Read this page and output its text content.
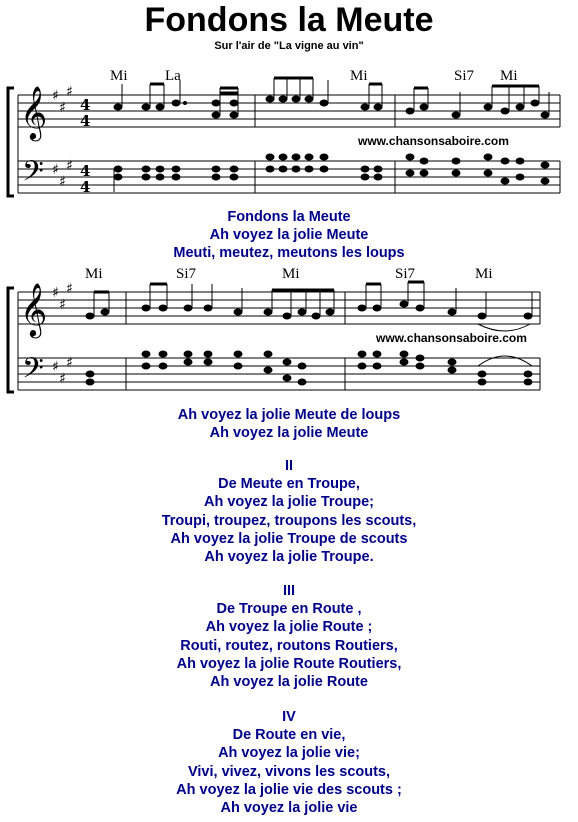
Fondons la Meute
Sur l'air de "La vigne au vin"
Mi La	Mi	Si7 Mi
𝄞
𝄢
♯
♯
♯
♯
♯
♯
4
4
4
4
www.chansonsaboire.com
Fondons la Meute
Ah voyez la jolie Meute
Meuti, meutez, meutons les loups
Mi	Si7	Mi	Si7	Mi
𝄞
𝄢
♯
♯
♯
♯
♯
♯
www.chansonsaboire.com
Ah voyez la jolie Meute de loups
Ah voyez la jolie Meute
II
De Meute en Troupe,
Ah voyez la jolie Troupe;
Troupi, troupez, troupons les scouts,
Ah voyez la jolie Troupe de scouts
Ah voyez la jolie Troupe.
III
De Troupe en Route ,
Ah voyez la jolie Route ;
Routi, routez, routons Routiers,
Ah voyez la jolie Route Routiers,
Ah voyez la jolie Route
IV
De Route en vie,
Ah voyez la jolie vie;
Vivi, vivez, vivons les scouts,
Ah voyez la jolie vie des scouts ;
Ah voyez la jolie vie
